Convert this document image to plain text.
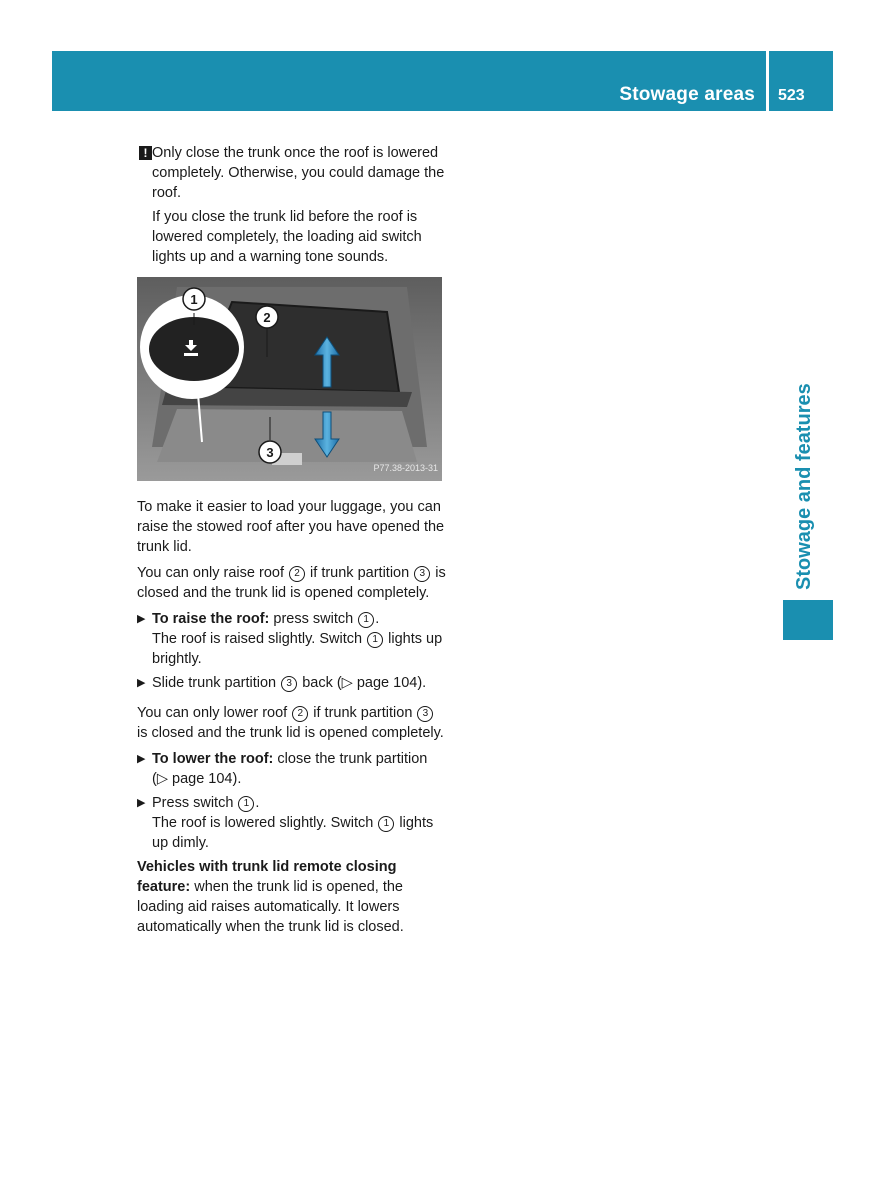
Stowage areas 523
Stowage and features
! Only close the trunk once the roof is lowered completely. Otherwise, you could damage the roof.

If you close the trunk lid before the roof is lowered completely, the loading aid switch lights up and a warning tone sounds.

1
2
3
P77.38-2013-31

To make it easier to load your luggage, you can raise the stowed roof after you have opened the trunk lid.

You can only raise roof 2 if trunk partition 3 is closed and the trunk lid is opened completely.

▶ To raise the roof: press switch 1 .

The roof is raised slightly. Switch 1 lights up brightly.

▶ Slide trunk partition 3 back (▷ page 104).

You can only lower roof 2 if trunk partition 3 is closed and the trunk lid is opened completely.

▶ To lower the roof: close the trunk partition (▷ page 104).

▶ Press switch 1 .

The roof is lowered slightly. Switch 1 lights up dimly.

Vehicles with trunk lid remote closing feature: when the trunk lid is opened, the loading aid raises automatically. It lowers automatically when the trunk lid is closed.
